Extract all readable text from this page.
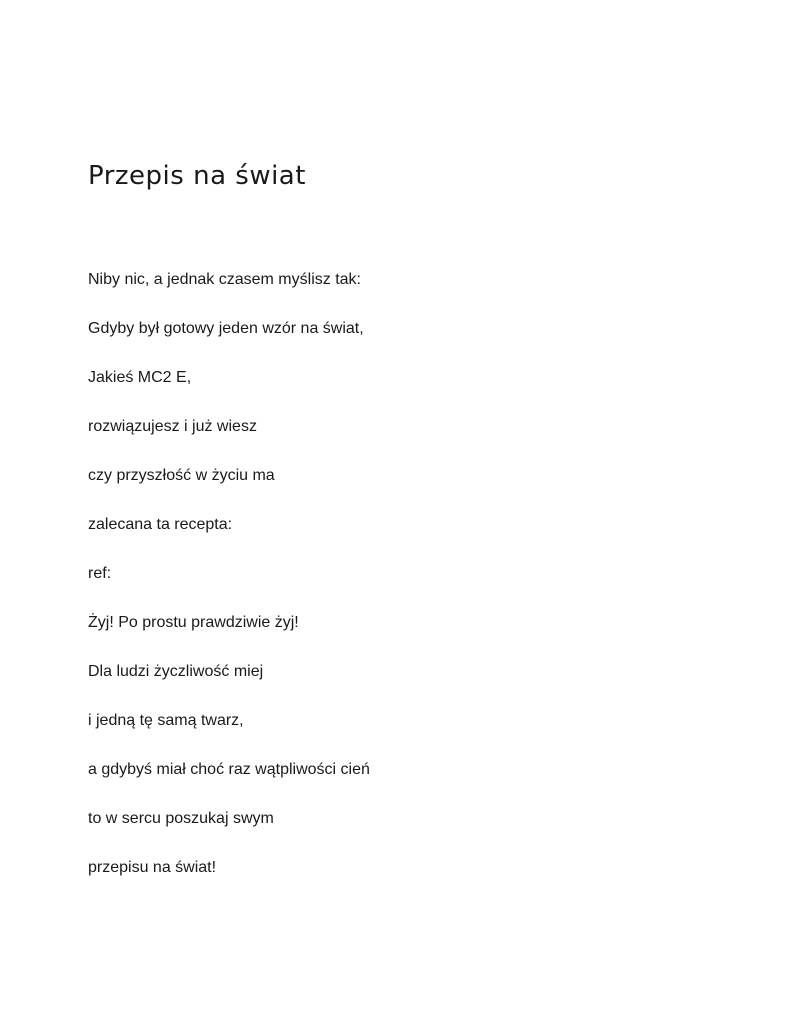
Przepis na świat

Niby nic, a jednak czasem myślisz tak:

Gdyby był gotowy jeden wzór na świat,

Jakieś MC2 E,

rozwiązujesz i już wiesz

czy przyszłość w życiu ma

zalecana ta recepta:

ref:

Żyj! Po prostu prawdziwie żyj!

Dla ludzi życzliwość miej

i jedną tę samą twarz,

a gdybyś miał choć raz wątpliwości cień

to w sercu poszukaj swym

przepisu na świat!
